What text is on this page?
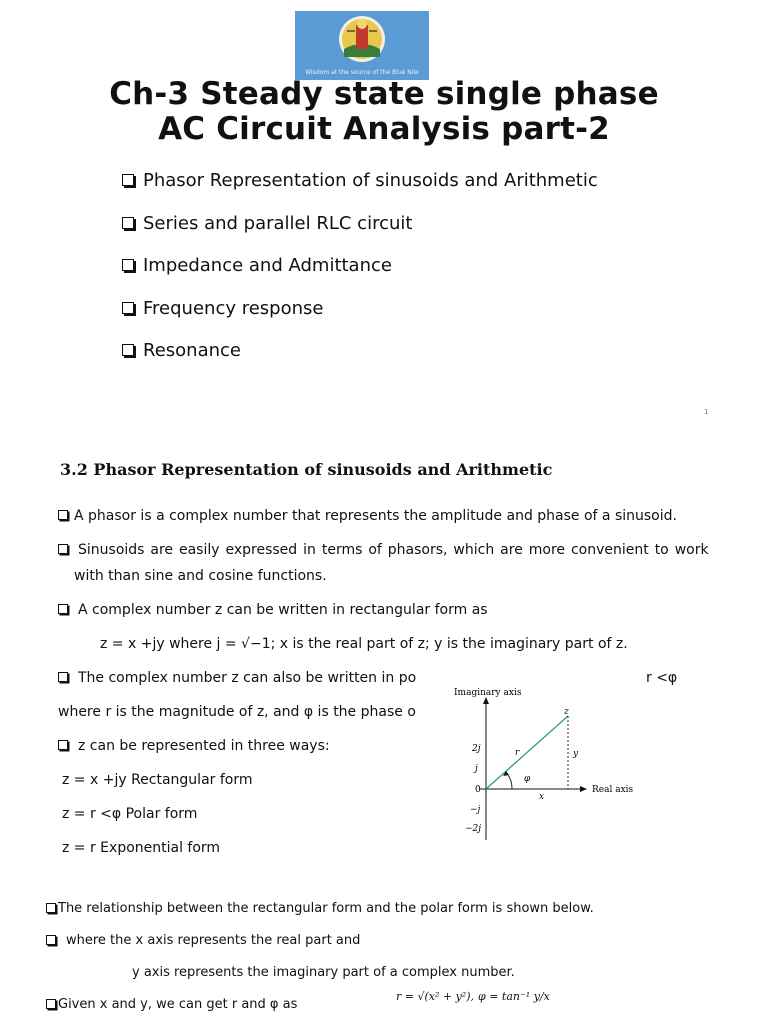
Wisdom at the source of the Blue Nile
Ch-3 Steady state single phase
AC Circuit Analysis part-2
Phasor Representation of sinusoids and Arithmetic
Series and parallel RLC circuit
Impedance and Admittance
Frequency response
Resonance
1
3.2 Phasor Representation of sinusoids and Arithmetic
A phasor is a complex number that represents the amplitude and phase of a sinusoid.
Sinusoids are easily expressed in terms of phasors, which are more convenient to work
with than sine and cosine functions.
A complex number z can be written in rectangular form as
z = x +jy where j = √−1; x is the real part of z; y is the imaginary part of z.
The complex number z can also be written in po	r <φ
where r is the magnitude of z, and φ is the phase o
z can be represented in three ways:
z = x +jy Rectangular form
z = r <φ Polar form
z = r Exponential form
Imaginary axis
Real axis
z
r	y
x
φ
2j
j
0
−j
−2j
The relationship between the rectangular form and the polar form is shown below.
where the x axis represents the real part and
y axis represents the imaginary part of a complex number.
Given x and y, we can get r and φ as
r = √(x² + y²), φ = tan⁻¹ y/x
